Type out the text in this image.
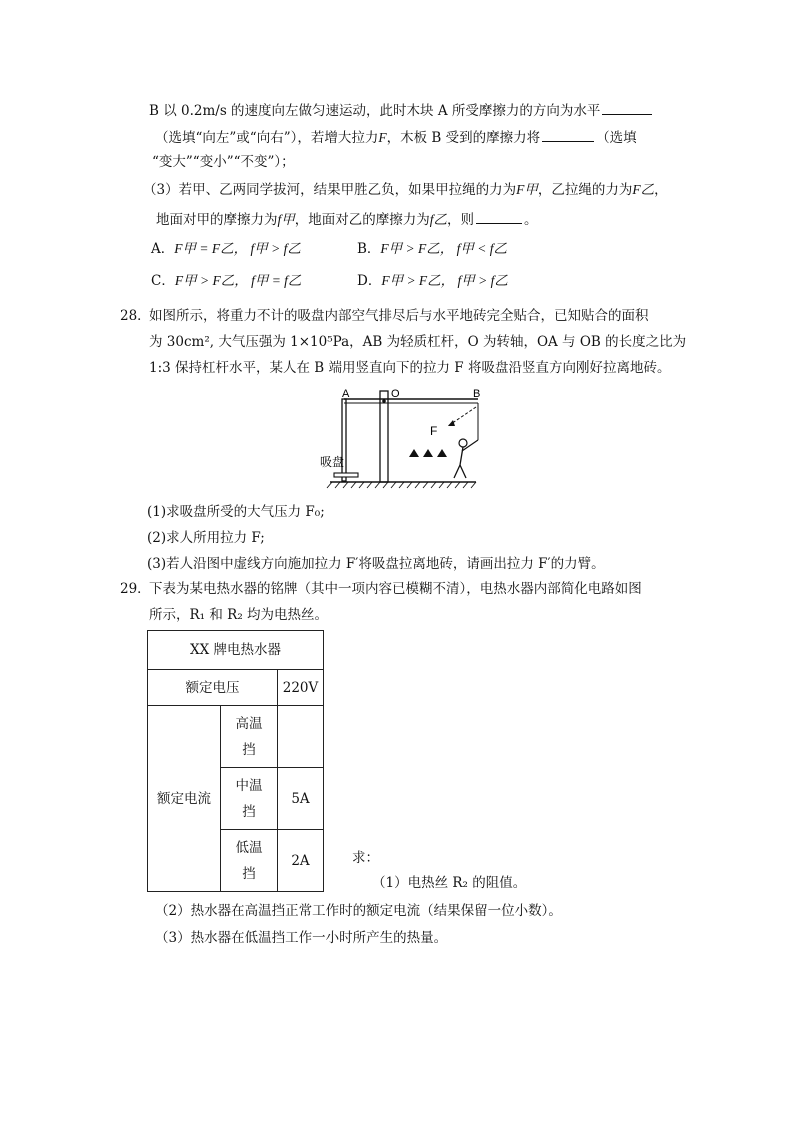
B 以 0.2m/s 的速度向左做匀速运动，此时木块 A 所受摩擦力的方向为水平
（选填“向左”或“向右”），若增大拉力F，木板 B 受到的摩擦力将	（选填
“变大”“变小”“不变”）；
（3）若甲、乙两同学拔河，结果甲胜乙负，如果甲拉绳的力为F甲，乙拉绳的力为F乙，
地面对甲的摩擦力为f甲，地面对乙的摩擦力为f乙，则	。
A．F甲 = F乙， f甲 > f乙	B．F甲 > F乙， f甲 < f乙
C．F甲 > F乙， f甲 = f乙	D．F甲 > F乙， f甲 > f乙
28．
如图所示，将重力不计的吸盘内部空气排尽后与水平地砖完全贴合，已知贴合的面积
为 30cm², 大气压强为 1×10⁵Pa，AB 为轻质杠杆，O 为转轴，OA 与 OB 的长度之比为
1:3 保持杠杆水平，某人在 B 端用竖直向下的拉力 F 将吸盘沿竖直方向刚好拉离地砖。
F
A	O	B
吸盘
(1)求吸盘所受的大气压力 F₀;
(2)求人所用拉力 F;
(3)若人沿图中虚线方向施加拉力 F′将吸盘拉离地砖，请画出拉力 F′的力臂。
29．
下表为某电热水器的铭牌（其中一项内容已模糊不清），电热水器内部简化电路如图
所示，R₁ 和 R₂ 均为电热丝。
XX 牌电热水器		
额定电压		220V
额定电流	高温
挡	

	中温
挡	5A

	低温
挡	2A	求：
（1）电热丝 R₂ 的阻值。
（2）热水器在高温挡正常工作时的额定电流（结果保留一位小数）。
（3）热水器在低温挡工作一小时所产生的热量。
